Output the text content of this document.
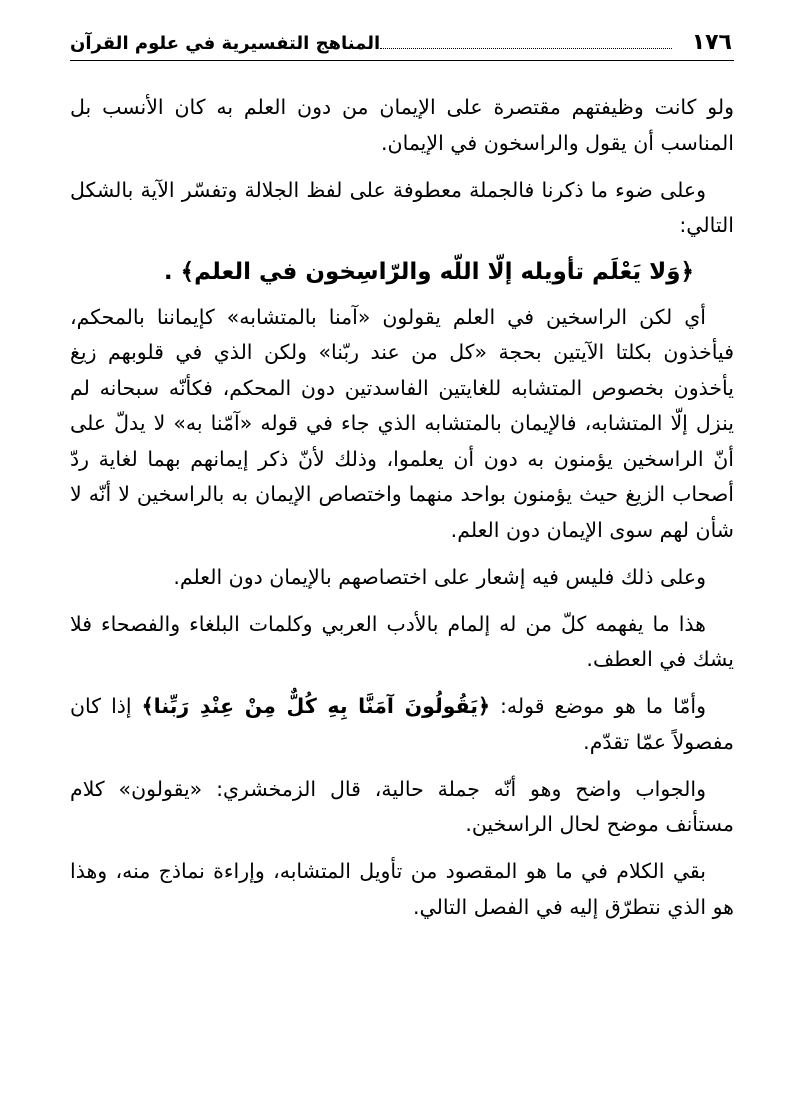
١٧٦
المناهج التفسيرية في علوم القرآن

ولو كانت وظيفتهم مقتصرة على الإيمان من دون العلم به كان الأنسب بل المناسب أن يقول والراسخون في الإيمان.

وعلى ضوء ما ذكرنا فالجملة معطوفة على لفظ الجلالة وتفسّر الآية بالشكل التالي:

﴿وَلا يَعْلَم تأويله إلّا اللّه والرّاسِخون في العلم﴾ .

أي لكن الراسخين في العلم يقولون «آمنا بالمتشابه» كإيماننا بالمحكم، فيأخذون بكلتا الآيتين بحجة «كل من عند ربّنا» ولكن الذي في قلوبهم زيغ يأخذون بخصوص المتشابه للغايتين الفاسدتين دون المحكم، فكأنّه سبحانه لم ينزل إلّا المتشابه، فالإيمان بالمتشابه الذي جاء في قوله «آمّنا به» لا يدلّ على أنّ الراسخين يؤمنون به دون أن يعلموا، وذلك لأنّ ذكر إيمانهم بهما لغاية ردّ أصحاب الزيغ حيث يؤمنون بواحد منهما واختصاص الإيمان به بالراسخين لا أنّه لا شأن لهم سوى الإيمان دون العلم.

وعلى ذلك فليس فيه إشعار على اختصاصهم بالإيمان دون العلم.

هذا ما يفهمه كلّ من له إلمام بالأدب العربي وكلمات البلغاء والفصحاء فلا يشك في العطف.

وأمّا ما هو موضع قوله: ﴿يَقُولُونَ آمَنَّا بِهِ كُلٌّ مِنْ عِنْدِ رَبِّنا﴾ إذا كان مفصولاً عمّا تقدّم.

والجواب واضح وهو أنّه جملة حالية، قال الزمخشري: «يقولون» كلام مستأنف موضح لحال الراسخين.

بقي الكلام في ما هو المقصود من تأويل المتشابه، وإراءة نماذج منه، وهذا هو الذي نتطرّق إليه في الفصل التالي.
